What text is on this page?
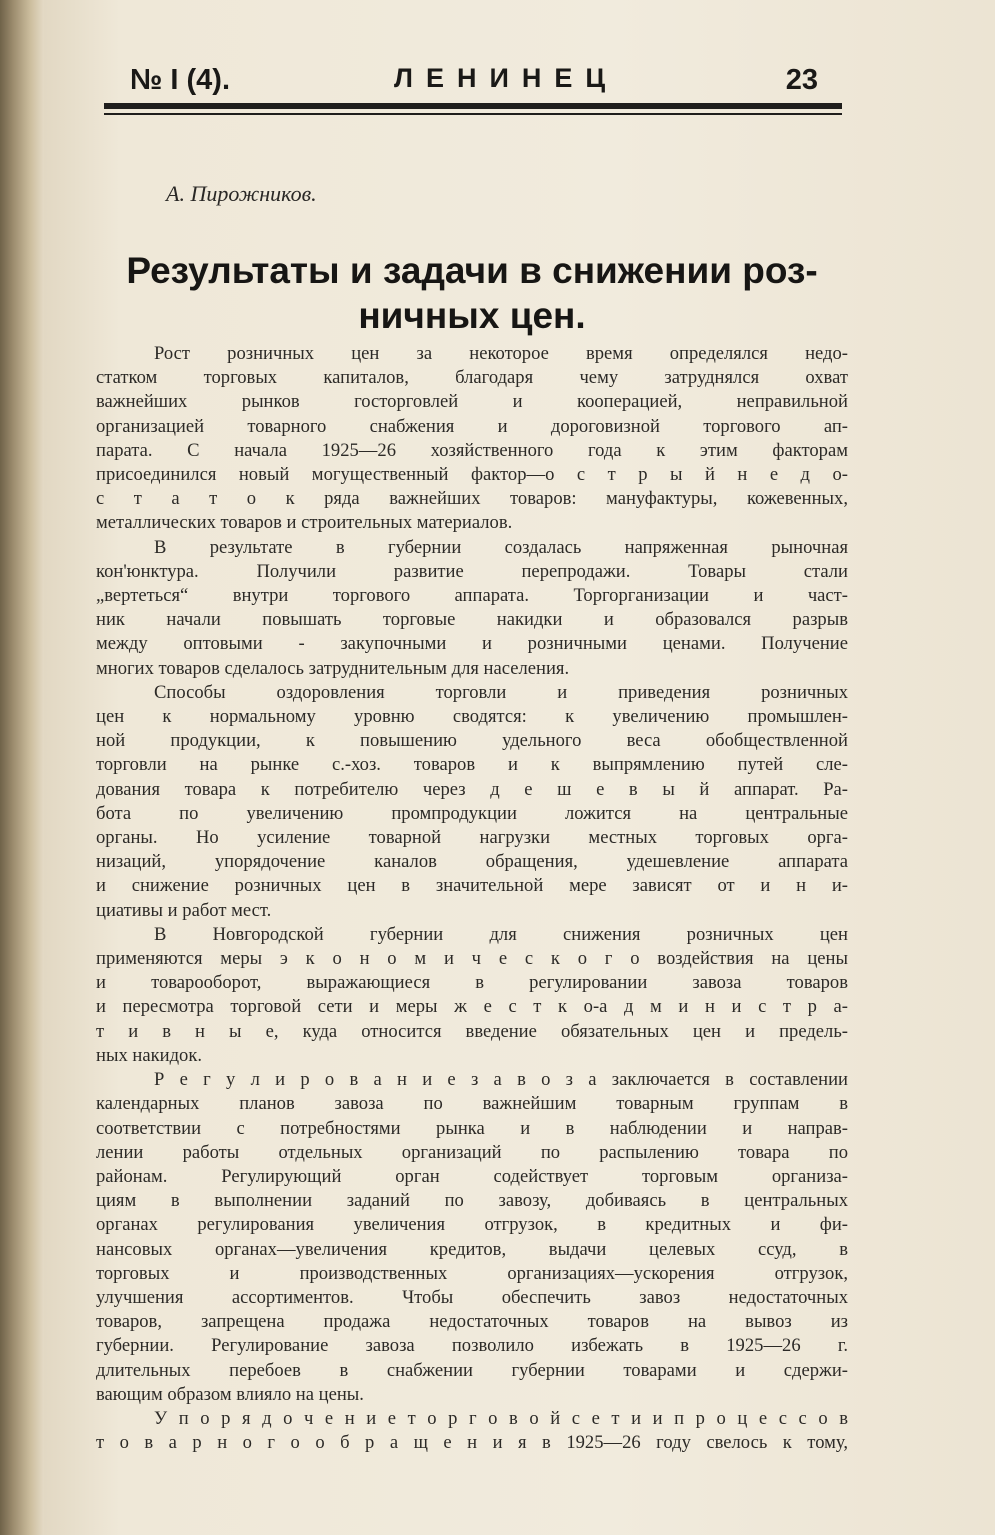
№ I (4).	ЛЕНИНЕЦ	23
А. Пирожников.
Результаты и задачи в снижении роз-
ничных цен.
Рост розничных цен за некоторое время определялся недо-
статком торговых капиталов, благодаря чему затруднялся охват
важнейших рынков госторговлей и кооперацией, неправильной
организацией товарного снабжения и дороговизной торгового ап-
парата. С начала 1925—26 хозяйственного года к этим факторам
присоединился новый могущественный фактор—о с т р ы й н е д о-
с т а т о к ряда важнейших товаров: мануфактуры, кожевенных,
металлических товаров и строительных материалов.
В результате в губернии создалась напряженная рыночная
кон'юнктура. Получили развитие перепродажи. Товары стали
„вертеться“ внутри торгового аппарата. Торгорганизации и част-
ник начали повышать торговые накидки и образовался разрыв
между оптовыми - закупочными и розничными ценами. Получение
многих товаров сделалось затруднительным для населения.
Способы оздоровления торговли и приведения розничных
цен к нормальному уровню сводятся: к увеличению промышлен-
ной продукции, к повышению удельного веса обобществленной
торговли на рынке с.-хоз. товаров и к выпрямлению путей сле-
дования товара к потребителю через д е ш е в ы й аппарат. Ра-
бота по увеличению промпродукции ложится на центральные
органы. Но усиление товарной нагрузки местных торговых орга-
низаций, упорядочение каналов обращения, удешевление аппарата
и снижение розничных цен в значительной мере зависят от и н и-
циативы и работ мест.
В Новгородской губернии для снижения розничных цен
применяются меры э к о н о м и ч е с к о г о воздействия на цены
и товарооборот, выражающиеся в регулировании завоза товаров
и пересмотра торговой сети и меры ж е с т к о-а д м и н и с т р а-
т и в н ы е, куда относится введение обязательных цен и предель-
ных накидок.
Р е г у л и р о в а н и е з а в о з а заключается в составлении
календарных планов завоза по важнейшим товарным группам в
соответствии с потребностями рынка и в наблюдении и направ-
лении работы отдельных организаций по распылению товара по
районам. Регулирующий орган содействует торговым организа-
циям в выполнении заданий по завозу, добиваясь в центральных
органах регулирования увеличения отгрузок, в кредитных и фи-
нансовых органах—увеличения кредитов, выдачи целевых ссуд, в
торговых и производственных организациях—ускорения отгрузок,
улучшения ассортиментов. Чтобы обеспечить завоз недостаточных
товаров, запрещена продажа недостаточных товаров на вывоз из
губернии. Регулирование завоза позволило избежать в 1925—26 г.
длительных перебоев в снабжении губернии товарами и сдержи-
вающим образом влияло на цены.
У п о р я д о ч е н и е т о р г о в о й с е т и и п р о ц е с с о в
т о в а р н о г о о б р а щ е н и я в 1925—26 году свелось к тому,
